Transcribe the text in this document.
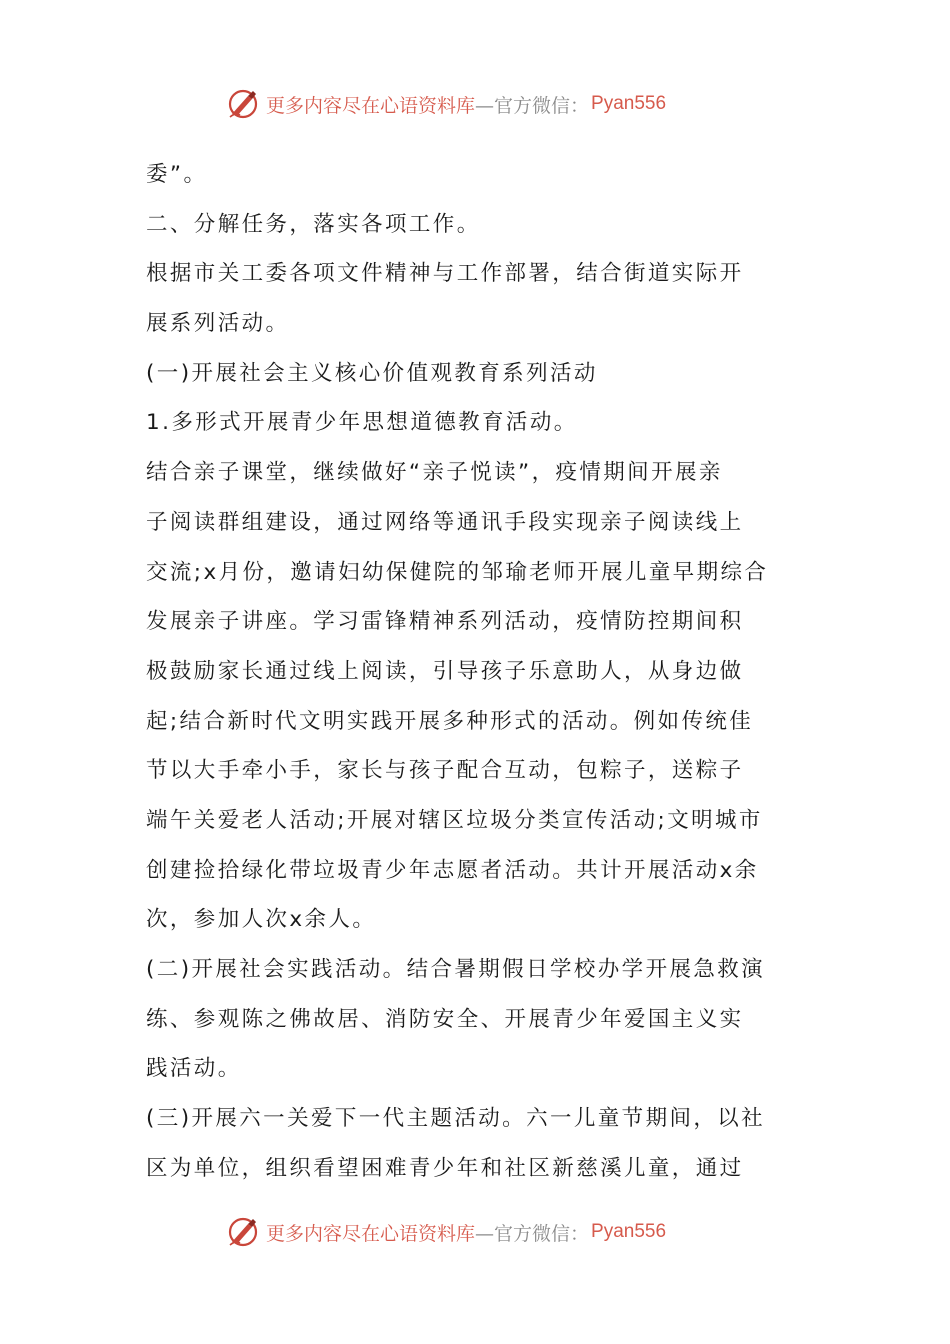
更多内容尽在心语资料库 —官方微信： Pyan556
委”。
二、分解任务，落实各项工作。
根据市关工委各项文件精神与工作部署，结合街道实际开
展系列活动。
(一)开展社会主义核心价值观教育系列活动
1.多形式开展青少年思想道德教育活动。
结合亲子课堂，继续做好“亲子悦读”，疫情期间开展亲
子阅读群组建设，通过网络等通讯手段实现亲子阅读线上
交流;x月份，邀请妇幼保健院的邹瑜老师开展儿童早期综合
发展亲子讲座。学习雷锋精神系列活动，疫情防控期间积
极鼓励家长通过线上阅读，引导孩子乐意助人，从身边做
起;结合新时代文明实践开展多种形式的活动。例如传统佳
节以大手牵小手，家长与孩子配合互动，包粽子，送粽子
端午关爱老人活动;开展对辖区垃圾分类宣传活动;文明城市
创建捡拾绿化带垃圾青少年志愿者活动。共计开展活动x余
次，参加人次x余人。
(二)开展社会实践活动。结合暑期假日学校办学开展急救演
练、参观陈之佛故居、消防安全、开展青少年爱国主义实
践活动。
(三)开展六一关爱下一代主题活动。六一儿童节期间，以社
区为单位，组织看望困难青少年和社区新慈溪儿童，通过
更多内容尽在心语资料库 —官方微信： Pyan556
